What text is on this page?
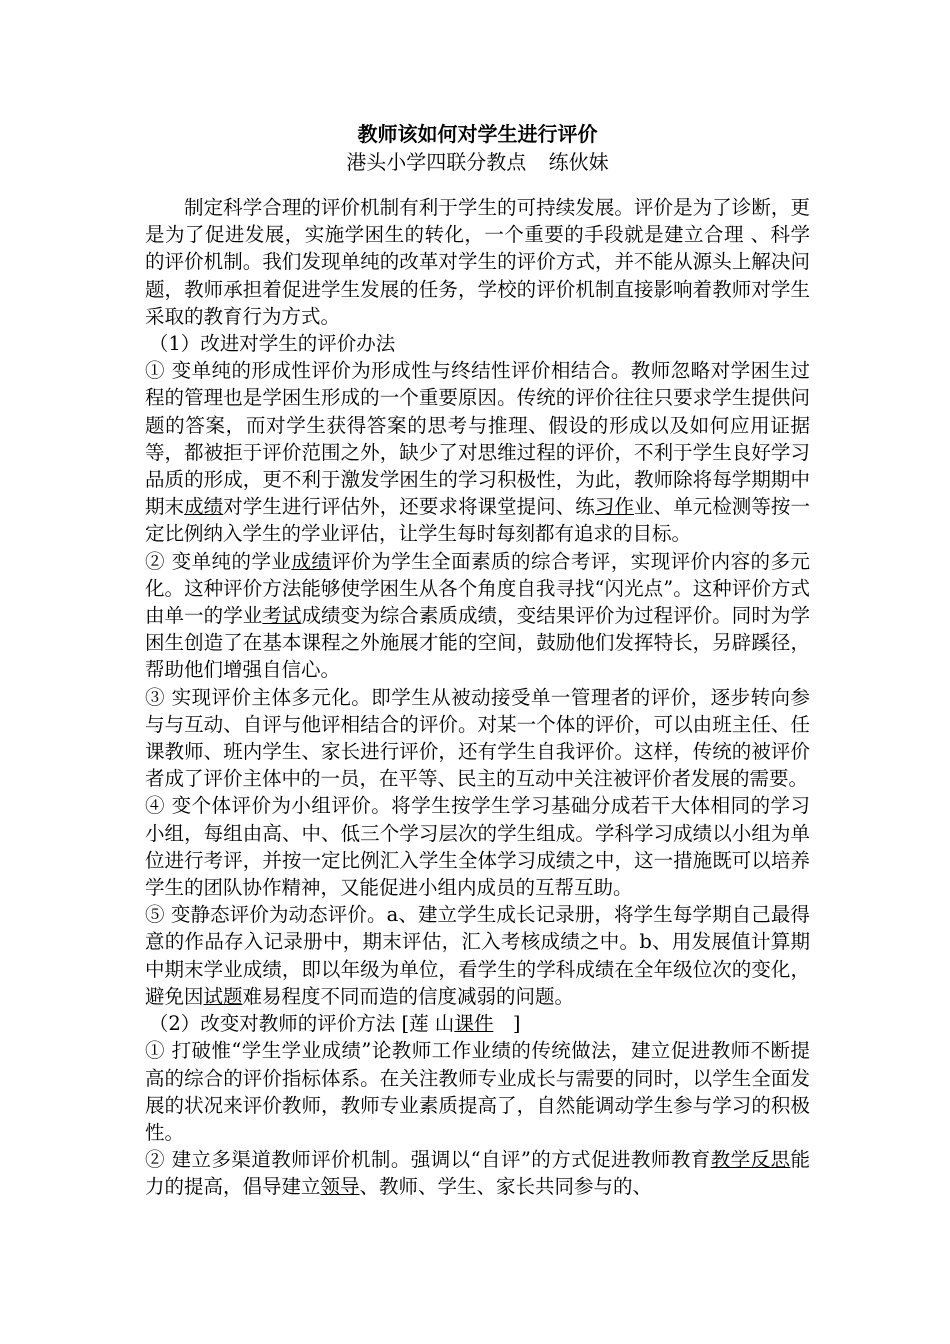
教师该如何对学生进行评价
港头小学四联分教点 练伙妹

制定科学合理的评价机制有利于学生的可持续发展。评价是为了诊断，更是为了促进发展，实施学困生的转化，一个重要的手段就是建立合理 、科学的评价机制。我们发现单纯的改革对学生的评价方式，并不能从源头上解决问题，教师承担着促进学生发展的任务，学校的评价机制直接影响着教师对学生采取的教育行为方式。

（1）改进对学生的评价办法

① 变单纯的形成性评价为形成性与终结性评价相结合。教师忽略对学困生过程的管理也是学困生形成的一个重要原因。传统的评价往往只要求学生提供问题的答案，而对学生获得答案的思考与推理、假设的形成以及如何应用证据等，都被拒于评价范围之外，缺少了对思维过程的评价，不利于学生良好学习品质的形成，更不利于激发学困生的学习积极性，为此，教师除将每学期期中期末成绩对学生进行评估外，还要求将课堂提问、练习作业、单元检测等按一定比例纳入学生的学业评估，让学生每时每刻都有追求的目标。

② 变单纯的学业成绩评价为学生全面素质的综合考评，实现评价内容的多元化。这种评价方法能够使学困生从各个角度自我寻找“闪光点”。这种评价方式由单一的学业考试成绩变为综合素质成绩，变结果评价为过程评价。同时为学困生创造了在基本课程之外施展才能的空间，鼓励他们发挥特长，另辟蹊径，帮助他们增强自信心。

③ 实现评价主体多元化。即学生从被动接受单一管理者的评价，逐步转向参与与互动、自评与他评相结合的评价。对某一个体的评价，可以由班主任、任课教师、班内学生、家长进行评价，还有学生自我评价。这样，传统的被评价者成了评价主体中的一员，在平等、民主的互动中关注被评价者发展的需要。

④ 变个体评价为小组评价。将学生按学生学习基础分成若干大体相同的学习小组，每组由高、中、低三个学习层次的学生组成。学科学习成绩以小组为单位进行考评，并按一定比例汇入学生全体学习成绩之中，这一措施既可以培养学生的团队协作精神，又能促进小组内成员的互帮互助。

⑤ 变静态评价为动态评价。a、建立学生成长记录册，将学生每学期自己最得意的作品存入记录册中，期末评估，汇入考核成绩之中。b、用发展值计算期中期末学业成绩，即以年级为单位，看学生的学科成绩在全年级位次的变化，避免因试题难易程度不同而造的信度减弱的问题。

（2）改变对教师的评价方法 [莲 山课件　]

① 打破惟“学生学业成绩”论教师工作业绩的传统做法，建立促进教师不断提高的综合的评价指标体系。在关注教师专业成长与需要的同时，以学生全面发展的状况来评价教师，教师专业素质提高了，自然能调动学生参与学习的积极性。

② 建立多渠道教师评价机制。强调以“自评”的方式促进教师教育教学反思能力的提高，倡导建立领导、教师、学生、家长共同参与的、
